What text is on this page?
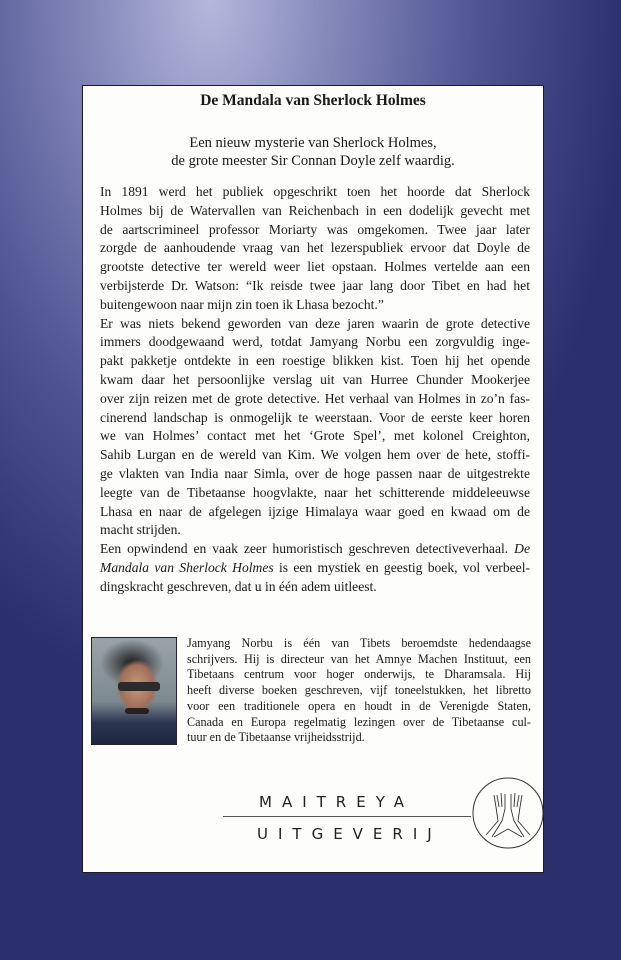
De Mandala van Sherlock Holmes
Een nieuw mysterie van Sherlock Holmes,
de grote meester Sir Connan Doyle zelf waardig.
In 1891 werd het publiek opgeschrikt toen het hoorde dat Sherlock
Holmes bij de Watervallen van Reichenbach in een dodelijk gevecht met
de aartscrimineel professor Moriarty was omgekomen. Twee jaar later
zorgde de aanhoudende vraag van het lezerspubliek ervoor dat Doyle de
grootste detective ter wereld weer liet opstaan. Holmes vertelde aan een
verbijsterde Dr. Watson: “Ik reisde twee jaar lang door Tibet en had het
buitengewoon naar mijn zin toen ik Lhasa bezocht.”
Er was niets bekend geworden van deze jaren waarin de grote detective
immers doodgewaand werd, totdat Jamyang Norbu een zorgvuldig inge-
pakt pakketje ontdekte in een roestige blikken kist. Toen hij het opende
kwam daar het persoonlijke verslag uit van Hurree Chunder Mookerjee
over zijn reizen met de grote detective. Het verhaal van Holmes in zo’n fas-
cinerend landschap is onmogelijk te weerstaan. Voor de eerste keer horen
we van Holmes’ contact met het ‘Grote Spel’, met kolonel Creighton,
Sahib Lurgan en de wereld van Kim. We volgen hem over de hete, stoffi-
ge vlakten van India naar Simla, over de hoge passen naar de uitgestrekte
leegte van de Tibetaanse hoogvlakte, naar het schitterende middeleeuwse
Lhasa en naar de afgelegen ijzige Himalaya waar goed en kwaad om de
macht strijden.
Een opwindend en vaak zeer humoristisch geschreven detectiveverhaal. De
Mandala van Sherlock Holmes is een mystiek en geestig boek, vol verbeel-
dingskracht geschreven, dat u in één adem uitleest.
Jamyang Norbu is één van Tibets beroemdste hedendaagse
schrijvers. Hij is directeur van het Amnye Machen Instituut, een
Tibetaans centrum voor hoger onderwijs, te Dharamsala. Hij
heeft diverse boeken geschreven, vijf toneelstukken, het libretto
voor een traditionele opera en houdt in de Verenigde Staten,
Canada en Europa regelmatig lezingen over de Tibetaanse cul-
tuur en de Tibetaanse vrijheidsstrijd.
MAITREYA
UITGEVERIJ
